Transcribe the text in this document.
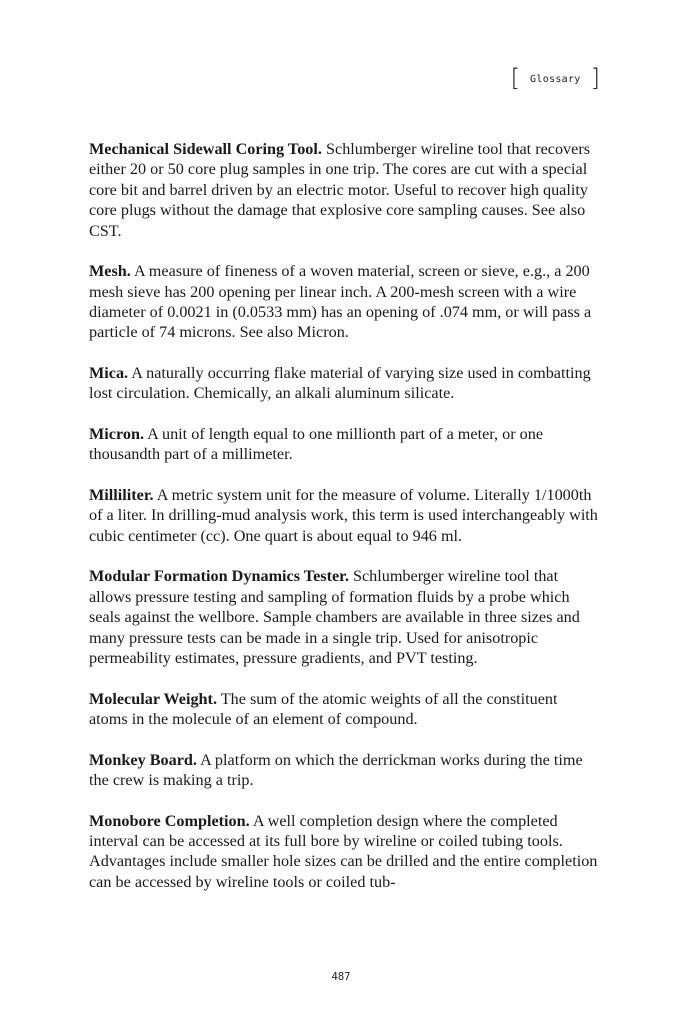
[ Glossary ]

Mechanical Sidewall Coring Tool. Schlumberger wireline tool that recovers either 20 or 50 core plug samples in one trip. The cores are cut with a special core bit and barrel driven by an electric motor. Useful to recover high quality core plugs without the damage that explosive core sampling causes. See also CST.

Mesh. A measure of fineness of a woven material, screen or sieve, e.g., a 200 mesh sieve has 200 opening per linear inch. A 200-mesh screen with a wire diameter of 0.0021 in (0.0533 mm) has an opening of .074 mm, or will pass a particle of 74 microns. See also Micron.

Mica. A naturally occurring flake material of varying size used in combatting lost circulation. Chemically, an alkali aluminum silicate.

Micron. A unit of length equal to one millionth part of a meter, or one thousandth part of a millimeter.

Milliliter. A metric system unit for the measure of volume. Literally 1/1000th of a liter. In drilling-mud analysis work, this term is used interchangeably with cubic centimeter (cc). One quart is about equal to 946 ml.

Modular Formation Dynamics Tester. Schlumberger wireline tool that allows pressure testing and sampling of formation fluids by a probe which seals against the wellbore. Sample chambers are available in three sizes and many pressure tests can be made in a single trip. Used for anisotropic permeability estimates, pressure gradients, and PVT testing.

Molecular Weight. The sum of the atomic weights of all the constituent atoms in the molecule of an element of compound.

Monkey Board. A platform on which the derrickman works during the time the crew is making a trip.

Monobore Completion. A well completion design where the completed interval can be accessed at its full bore by wireline or coiled tubing tools. Advantages include smaller hole sizes can be drilled and the entire completion can be accessed by wireline tools or coiled tub-

487
